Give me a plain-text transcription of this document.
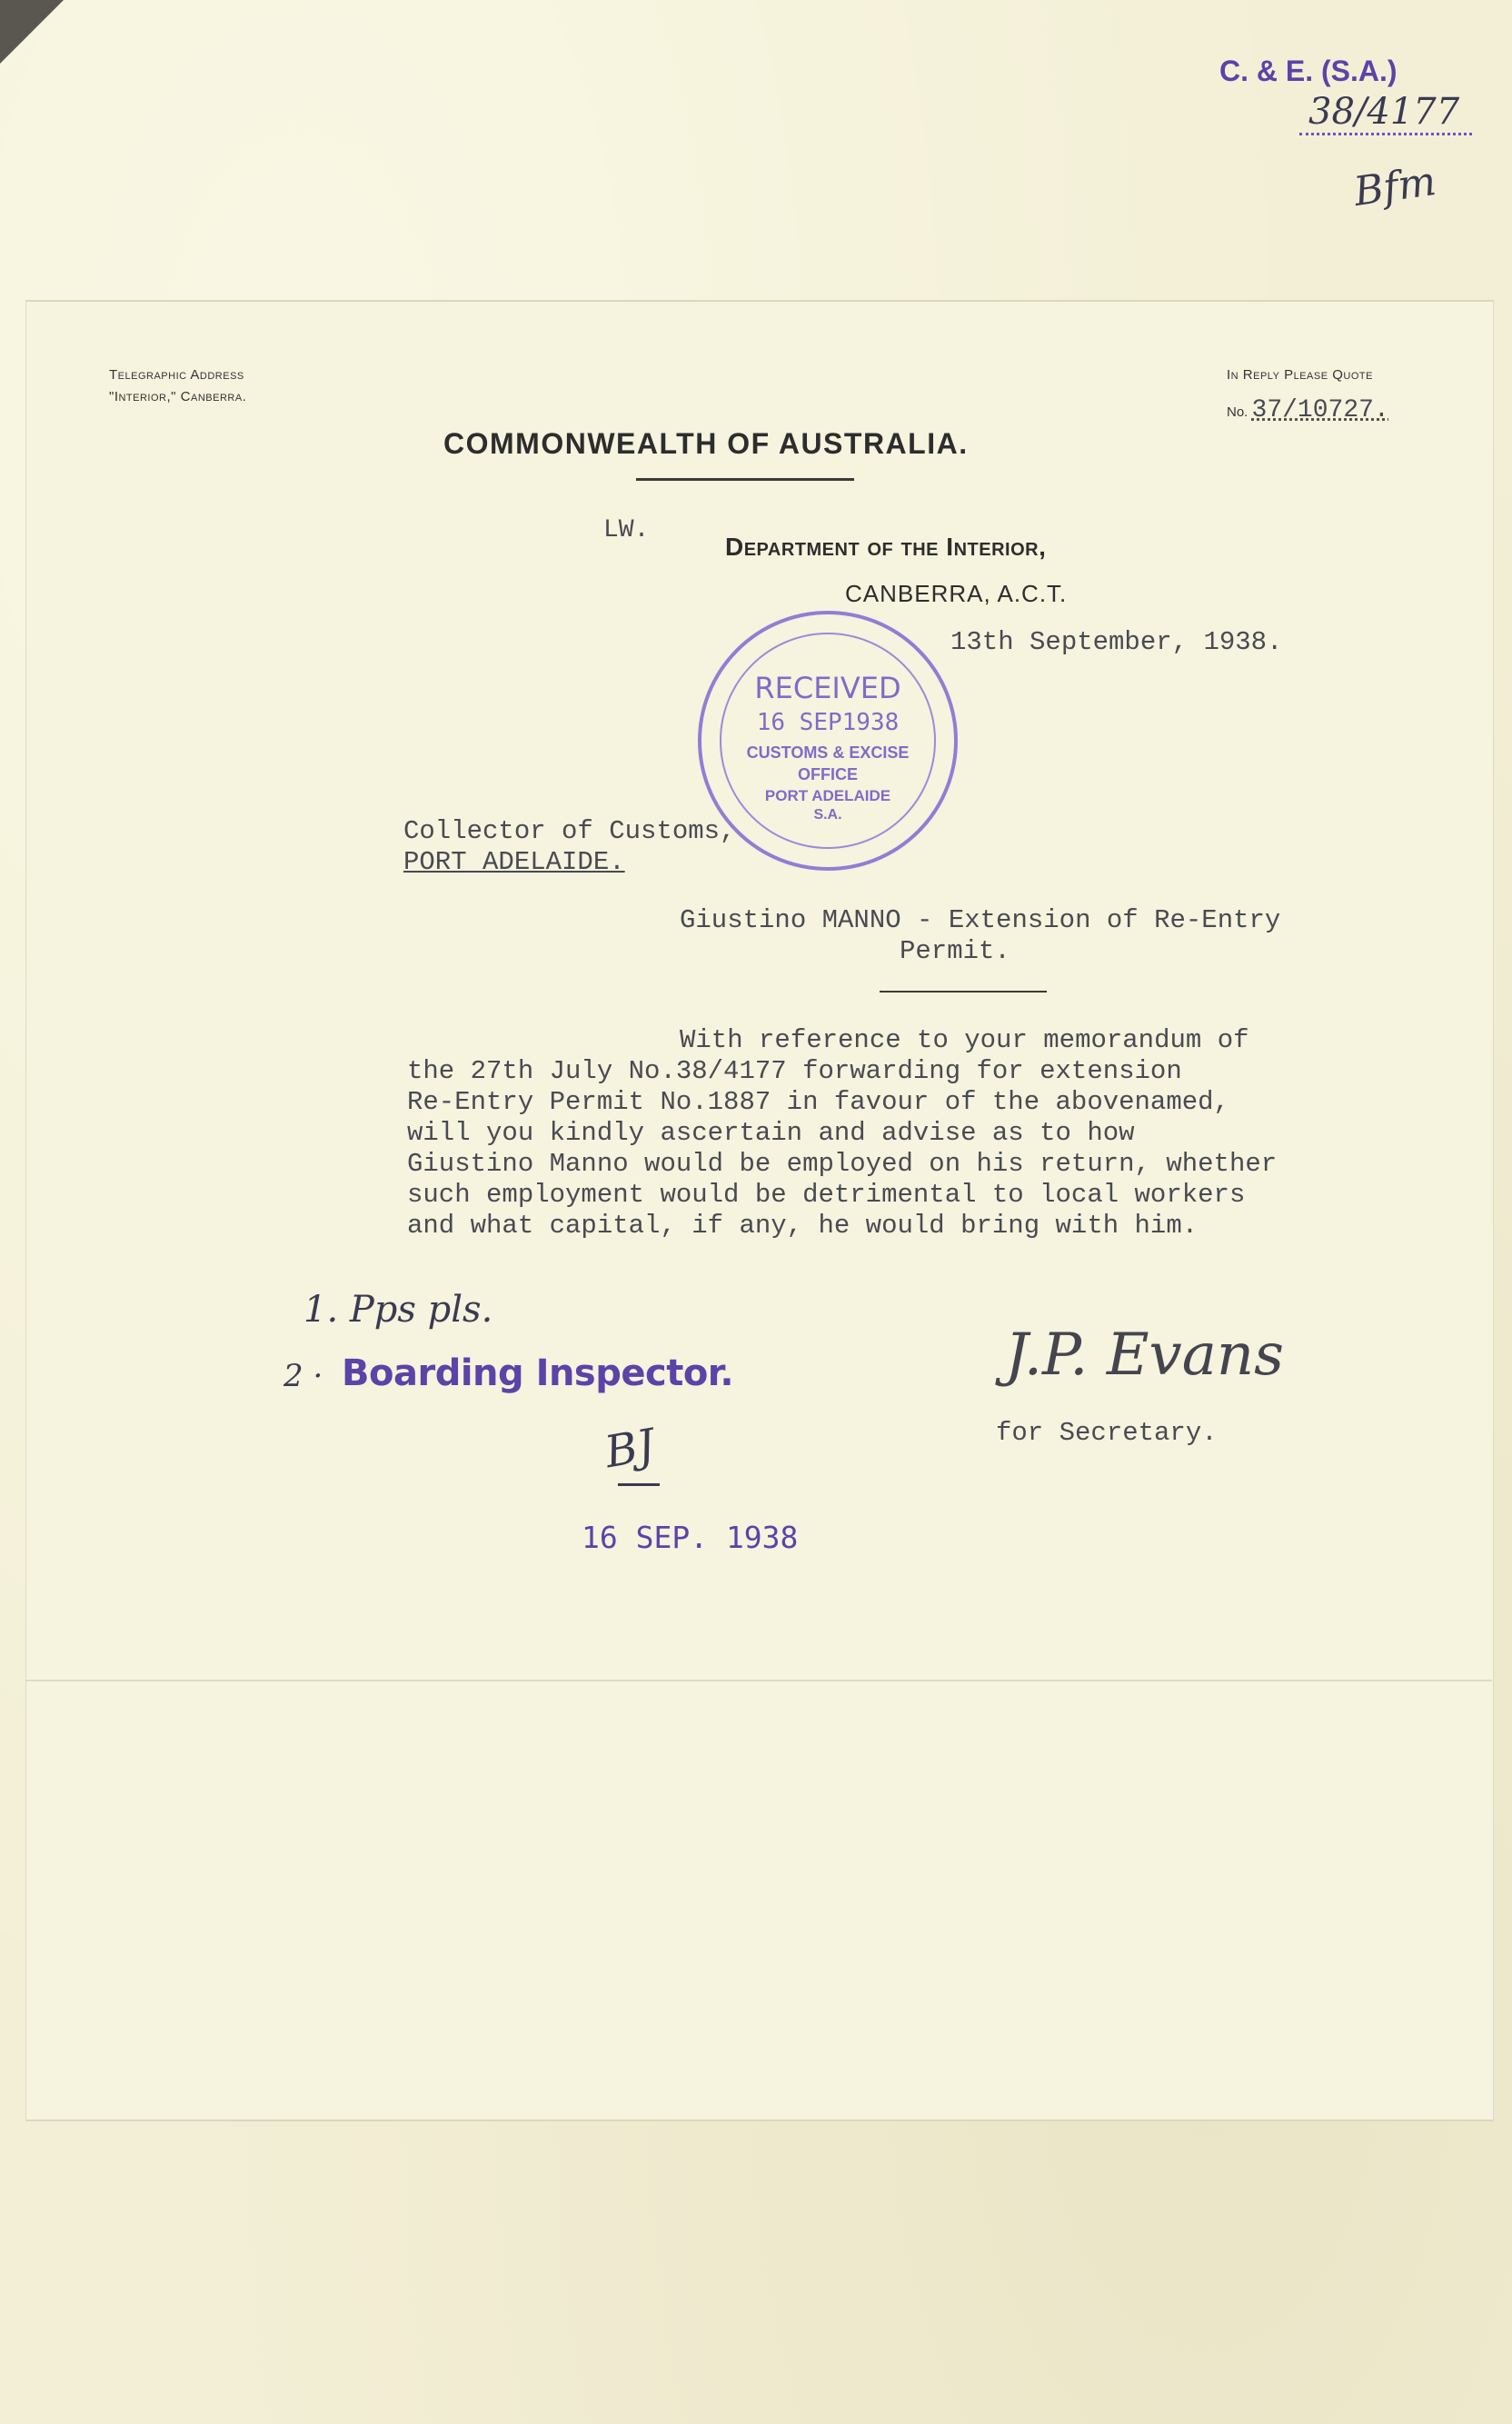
C. & E. (S.A.)
38/4177
Bfm
Telegraphic Address
"Interior," Canberra.
In Reply Please Quote
No. 37/10727.
COMMONWEALTH OF AUSTRALIA.
LW.
Department of the Interior,
CANBERRA, A.C.T.
13th September, 1938.
RECEIVED
16 SEP1938
CUSTOMS & EXCISE
OFFICE
PORT ADELAIDE
S.A.
Collector of Customs,
PORT ADELAIDE.
Giustino MANNO - Extension of Re-Entry
Permit.
With reference to your memorandum of
the 27th July No.38/4177 forwarding for extension
Re-Entry Permit No.1887 in favour of the abovenamed,
will you kindly ascertain and advise as to how
Giustino Manno would be employed on his return, whether
such employment would be detrimental to local workers
and what capital, if any, he would bring with him.
1. Pps pls.
2 · Boarding Inspector.
BJ
16 SEP. 1938
J.P. Evans
for Secretary.
